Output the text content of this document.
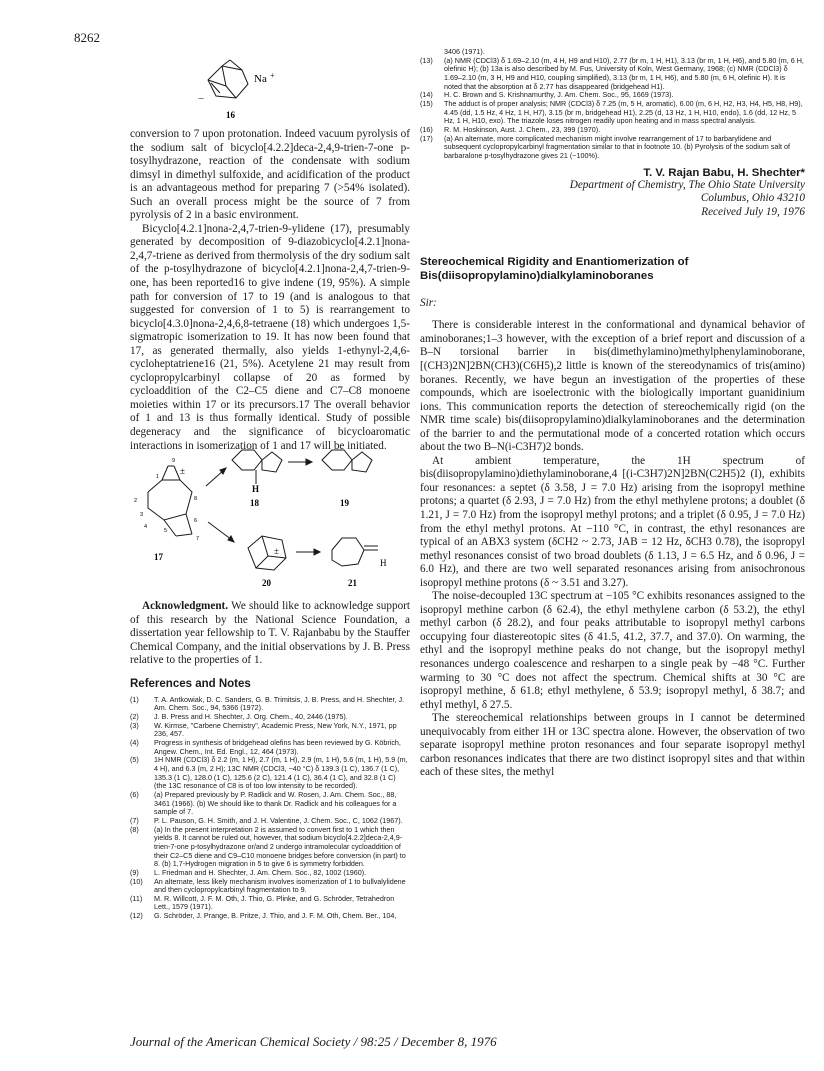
8262
−
Na +
16

conversion to 7 upon protonation. Indeed vacuum pyrolysis of the sodium salt of bicyclo[4.2.2]deca-2,4,9-trien-7-one p-tosylhydrazone, reaction of the condensate with sodium dimsyl in dimethyl sulfoxide, and acidification of the product is an advantageous method for preparing 7 (>54% isolated). Such an overall process might be the source of 7 from pyrolysis of 2 in a basic environment.

Bicyclo[4.2.1]nona-2,4,7-trien-9-ylidene (17), presumably generated by decomposition of 9-diazobicyclo[4.2.1]nona-2,4,7-triene as derived from thermolysis of the dry sodium salt of the p-tosylhydrazone of bicyclo[4.2.1]nona-2,4,7-trien-9-one, has been reported16 to give indene (19, 95%). A simple path for conversion of 17 to 19 (and is analogous to that suggested for conversion of 1 to 5) is rearrangement to bicyclo[4.3.0]nona-2,4,6,8-tetraene (18) which undergoes 1,5-sigmatropic isomerization to 19. It has now been found that 17, as generated thermally, also yields 1-ethynyl-2,4,6-cycloheptatriene16 (21, 5%). Acetylene 21 may result from cyclopropylcarbinyl collapse of 20 as formed by cycloaddition of the C2–C5 diene and C7–C8 monoene moieties within 17 or its precursors.17 The overall behavior of 1 and 13 is thus formally identical. Study of possible degeneracy and the significance of bicycloaromatic interactions in isomerization of 1 and 17 will be initiated.

2
1
9
3
4
5
6
7
8
±
17
H
18	19
±
H
20	21

Acknowledgment. We should like to acknowledge support of this research by the National Science Foundation, a dissertation year fellowship to T. V. Rajanbabu by the Stauffer Chemical Company, and the initial observations by J. B. Press relative to the properties of 1.

References and Notes

(1) T. A. Antkowiak, D. C. Sanders, G. B. Trimitsis, J. B. Press, and H. Shechter, J. Am. Chem. Soc., 94, 5366 (1972).
(2) J. B. Press and H. Shechter, J. Org. Chem., 40, 2446 (1975).
(3) W. Kirmse, "Carbene Chemistry", Academic Press, New York, N.Y., 1971, pp 236, 457.
(4) Progress in synthesis of bridgehead olefins has been reviewed by G. Köbrich, Angew. Chem., Int. Ed. Engl., 12, 464 (1973).
(5) 1H NMR (CDCl3) δ 2.2 (m, 1 H), 2.7 (m, 1 H), 2.9 (m, 1 H), 5.6 (m, 1 H), 5.9 (m, 4 H), and 6.3 (m, 2 H); 13C NMR (CDCl3, −40 °C) δ 139.3 (1 C), 136.7 (1 C), 135.3 (1 C), 128.0 (1 C), 125.6 (2 C), 121.4 (1 C), 36.4 (1 C), and 32.8 (1 C) (the 13C resonance of C8 is of too low intensity to be recorded).
(6) (a) Prepared previously by P. Radlick and W. Rosen, J. Am. Chem. Soc., 88, 3461 (1966). (b) We should like to thank Dr. Radlick and his colleagues for a sample of 7.
(7) P. L. Pauson, G. H. Smith, and J. H. Valentine, J. Chem. Soc., C, 1062 (1967).
(8) (a) In the present interpretation 2 is assumed to convert first to 1 which then yields 8. It cannot be ruled out, however, that sodium bicyclo[4.2.2]deca-2,4,9-trien-7-one p-tosylhydrazone or/and 2 undergo intramolecular cycloaddition of their C2–C5 diene and C9–C10 monoene bridges before conversion (in part) to 8. (b) 1,7-Hydrogen migration in 5 to give 6 is symmetry forbidden.
(9) L. Friedman and H. Shechter, J. Am. Chem. Soc., 82, 1002 (1960).
(10) An alternate, less likely mechanism involves isomerization of 1 to bullvalylidene and then cyclopropylcarbinyl fragmentation to 9.
(11) M. R. Willcott, J. F. M. Oth, J. Thio, G. Plinke, and G. Schröder, Tetrahedron Lett., 1579 (1971).
(12) G. Schröder, J. Prange, B. Pritze, J. Thio, and J. F. M. Oth, Chem. Ber., 104,
3406 (1971).
(13) (a) NMR (CDCl3) δ 1.69–2.10 (m, 4 H, H9 and H10), 2.77 (br m, 1 H, H1), 3.13 (br m, 1 H, H6), and 5.80 (m, 6 H, olefinic H); (b) 13a is also described by M. Fus, University of Koln, West Germany, 1968; (c) NMR (CDCl3) δ 1.69–2.10 (m, 3 H, H9 and H10, coupling simplified), 3.13 (br m, 1 H, H6), and 5.80 (m, 6 H, olefinic H). It is noted that the absorption at δ 2.77 has disappeared (bridgehead H1).
(14) H. C. Brown and S. Krishnamurthy, J. Am. Chem. Soc., 95, 1669 (1973).
(15) The adduct is of proper analysis; NMR (CDCl3) δ 7.25 (m, 5 H, aromatic), 6.00 (m, 6 H, H2, H3, H4, H5, H8, H9), 4.45 (dd, 1.5 Hz, 4 Hz, 1 H, H7), 3.15 (br m, bridgehead H1), 2.25 (d, 13 Hz, 1 H, H10, endo), 1.6 (dd, 12 Hz, 5 Hz, 1 H, H10, exo). The triazole loses nitrogen readily upon heating and in mass spectral analysis.
(16) R. M. Hoskinson, Aust. J. Chem., 23, 399 (1970).
(17) (a) An alternate, more complicated mechanism might involve rearrangement of 17 to barbarylidene and subsequent cyclopropylcarbinyl fragmentation similar to that in footnote 10. (b) Pyrolysis of the sodium salt of barbaralone p-tosylhydrazone gives 21 (~100%).

T. V. Rajan Babu, H. Shechter*

Department of Chemistry, The Ohio State University
Columbus, Ohio 43210
Received July 19, 1976

Stereochemical Rigidity and Enantiomerization of

Bis(diisopropylamino)dialkylaminoboranes

Sir:

There is considerable interest in the conformational and dynamical behavior of aminoboranes;1–3 however, with the exception of a brief report and discussion of a B–N torsional barrier in bis(dimethylamino)methylphenylaminoborane, [(CH3)2N]2BN(CH3)(C6H5),2 little is known of the stereodynamics of tris(amino) boranes. Recently, we have begun an investigation of the properties of these compounds, which are isoelectronic with the biologically important guanidinium ions. This communication reports the detection of stereochemically rigid (on the NMR time scale) bis(diisopropylamino)dialkylaminoboranes and the determination of the barrier to and the permutational mode of a concerted rotation which occurs about the two B–N(i-C3H7)2 bonds.

At ambient temperature, the 1H spectrum of bis(diisopropylamino)diethylaminoborane,4 [(i-C3H7)2N]2BN(C2H5)2 (I), exhibits four resonances: a septet (δ 3.58, J = 7.0 Hz) arising from the isopropyl methine protons; a quartet (δ 2.93, J = 7.0 Hz) from the ethyl methylene protons; a doublet (δ 1.21, J = 7.0 Hz) from the isopropyl methyl protons; and a triplet (δ 0.95, J = 7.0 Hz) from the ethyl methyl protons. At −110 °C, in contrast, the ethyl resonances are typical of an ABX3 system (δCH2 ~ 2.73, JAB = 12 Hz, δCH3 0.78), the isopropyl methyl resonances consist of two broad doublets (δ 1.13, J = 6.5 Hz, and δ 0.96, J = 6.0 Hz), and there are two well separated resonances arising from anisochronous isopropyl methine protons (δ ~ 3.51 and 3.27).

The noise-decoupled 13C spectrum at −105 °C exhibits resonances assigned to the isopropyl methine carbon (δ 62.4), the ethyl methylene carbon (δ 53.2), the ethyl methyl carbon (δ 28.2), and four peaks attributable to isopropyl methyl carbons occupying four diastereotopic sites (δ 41.5, 41.2, 37.7, and 37.0). On warming, the ethyl and the isopropyl methine peaks do not change, but the isopropyl methyl resonances undergo coalescence and resharpen to a single peak by −48 °C. Further warming to 30 °C does not affect the spectrum. Chemical shifts at 30 °C are isopropyl methine, δ 61.8; ethyl methylene, δ 53.9; isopropyl methyl, δ 38.7; and ethyl methyl, δ 27.5.

The stereochemical relationships between groups in I cannot be determined unequivocably from either 1H or 13C spectra alone. However, the observation of two separate isopropyl methine proton resonances and four separate isopropyl methyl carbon resonances indicates that there are two distinct isopropyl sites and that within each of these sites, the methyl

Journal of the American Chemical Society / 98:25 / December 8, 1976
